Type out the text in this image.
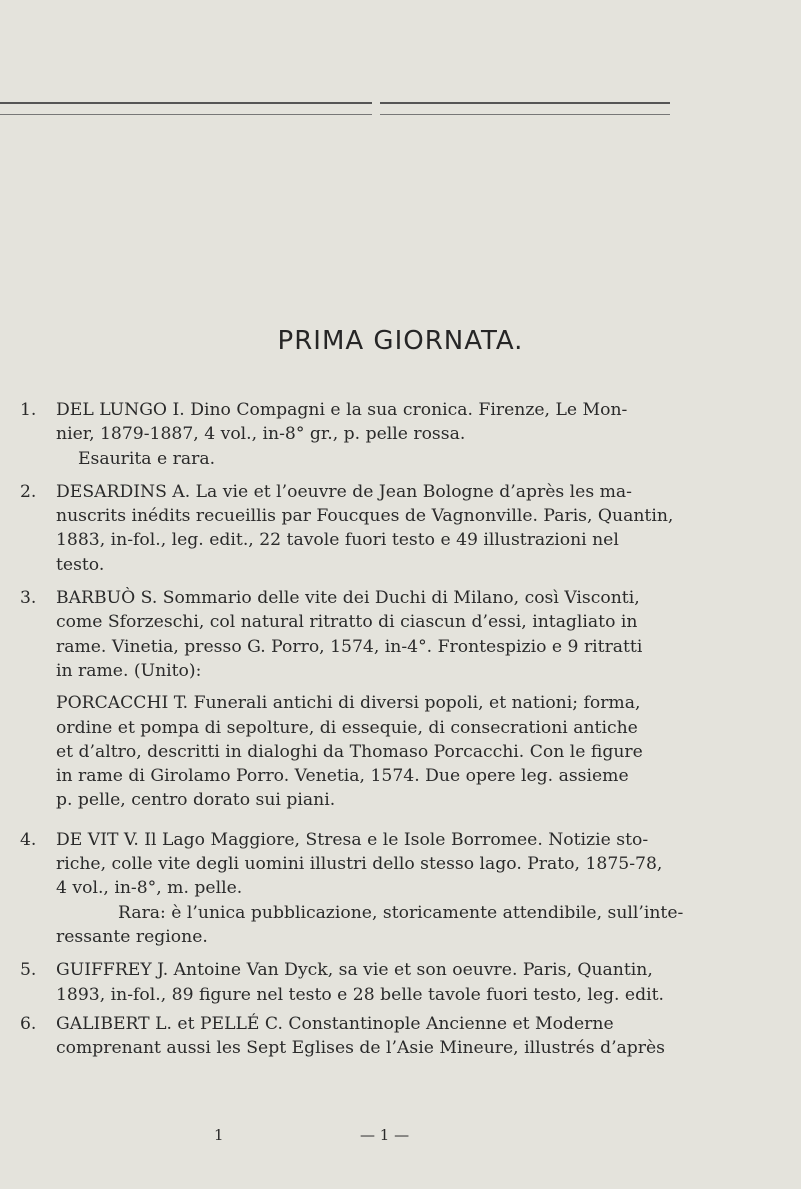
PRIMA GIORNATA.
1. DEL LUNGO I. Dino Compagni e la sua cronica. Firenze, Le Mon-
nier, 1879-1887, 4 vol., in-8° gr., p. pelle rossa.
Esaurita e rara.
2. DESARDINS A. La vie et l’oeuvre de Jean Bologne d’après les ma-
nuscrits inédits recueillis par Foucques de Vagnonville. Paris, Quantin,
1883, in-fol., leg. edit., 22 tavole fuori testo e 49 illustrazioni nel
testo.
3. BARBUÒ S. Sommario delle vite dei Duchi di Milano, così Visconti,
come Sforzeschi, col natural ritratto di ciascun d’essi, intagliato in
rame. Vinetia, presso G. Porro, 1574, in-4°. Frontespizio e 9 ritratti
in rame. (Unito):
PORCACCHI T. Funerali antichi di diversi popoli, et nationi; forma,
ordine et pompa di sepolture, di essequie, di consecrationi antiche
et d’altro, descritti in dialoghi da Thomaso Porcacchi. Con le figure
in rame di Girolamo Porro. Venetia, 1574. Due opere leg. assieme
p. pelle, centro dorato sui piani.
4. DE VIT V. Il Lago Maggiore, Stresa e le Isole Borromee. Notizie sto-
riche, colle vite degli uomini illustri dello stesso lago. Prato, 1875-78,
4 vol., in-8°, m. pelle.
Rara: è l’unica pubblicazione, storicamente attendibile, sull’inte-
ressante regione.
5. GUIFFREY J. Antoine Van Dyck, sa vie et son oeuvre. Paris, Quantin,
1893, in-fol., 89 figure nel testo e 28 belle tavole fuori testo, leg. edit.
6. GALIBERT L. et PELLÉ C. Constantinople Ancienne et Moderne
comprenant aussi les Sept Eglises de l’Asie Mineure, illustrés d’après
1	— 1 —
